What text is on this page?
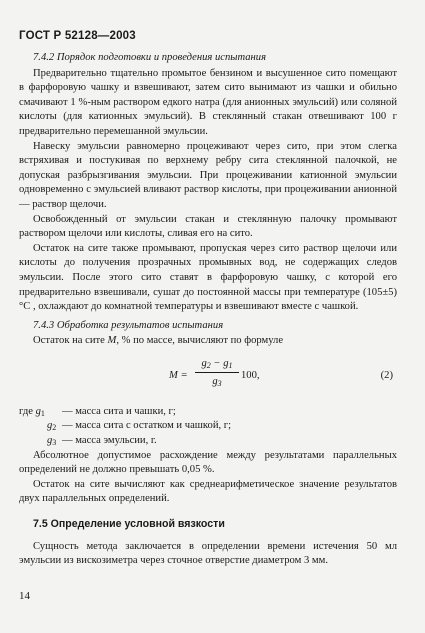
ГОСТ Р 52128—2003
7.4.2 Порядок подготовки и проведения испытания

Предварительно тщательно промытое бензином и высушенное сито помещают в фарфоровую чашку и взвешивают, затем сито вынимают из чашки и обильно смачивают 1 %-ным раствором едкого натра (для анионных эмульсий) или соляной кислоты (для катионных эмульсий). В стеклянный стакан отвешивают 100 г предварительно перемешанной эмульсии.

Навеску эмульсии равномерно процеживают через сито, при этом слегка встряхивая и постукивая по верхнему ребру сита стеклянной палочкой, не допуская разбрызгивания эмульсии. При процеживании катионной эмульсии одновременно с эмульсией вливают раствор кислоты, при процеживании анионной — раствор щелочи.

Освобожденный от эмульсии стакан и стеклянную палочку промывают раствором щелочи или кислоты, сливая его на сито.

Остаток на сите также промывают, пропуская через сито раствор щелочи или кислоты до получения прозрачных промывных вод, не содержащих следов эмульсии. После этого сито ставят в фарфоровую чашку, с которой его предварительно взвешивали, сушат до постоянной массы при температуре (105±5) °С , охлаждают до комнатной температуры и взвешивают вместе с чашкой.

7.4.3 Обработка результатов испытания

Остаток на сите М, % по массе, вычисляют по формуле

$M = \frac{g_2 - g_1}{g_3} 100$,	(2)
где $g_1$	— масса сита и чашки, г;
$g_2$ — масса сита с остатком и чашкой, г;
$g_3$ — масса эмульсии, г.

Абсолютное допустимое расхождение между результатами параллельных определений не должно превышать 0,05 %.

Остаток на сите вычисляют как среднеарифметическое значение результатов двух параллельных определений.

7.5 Определение условной вязкости

Сущность метода заключается в определении времени истечения 50 мл эмульсии из вискозиметра через сточное отверстие диаметром 3 мм.

14
